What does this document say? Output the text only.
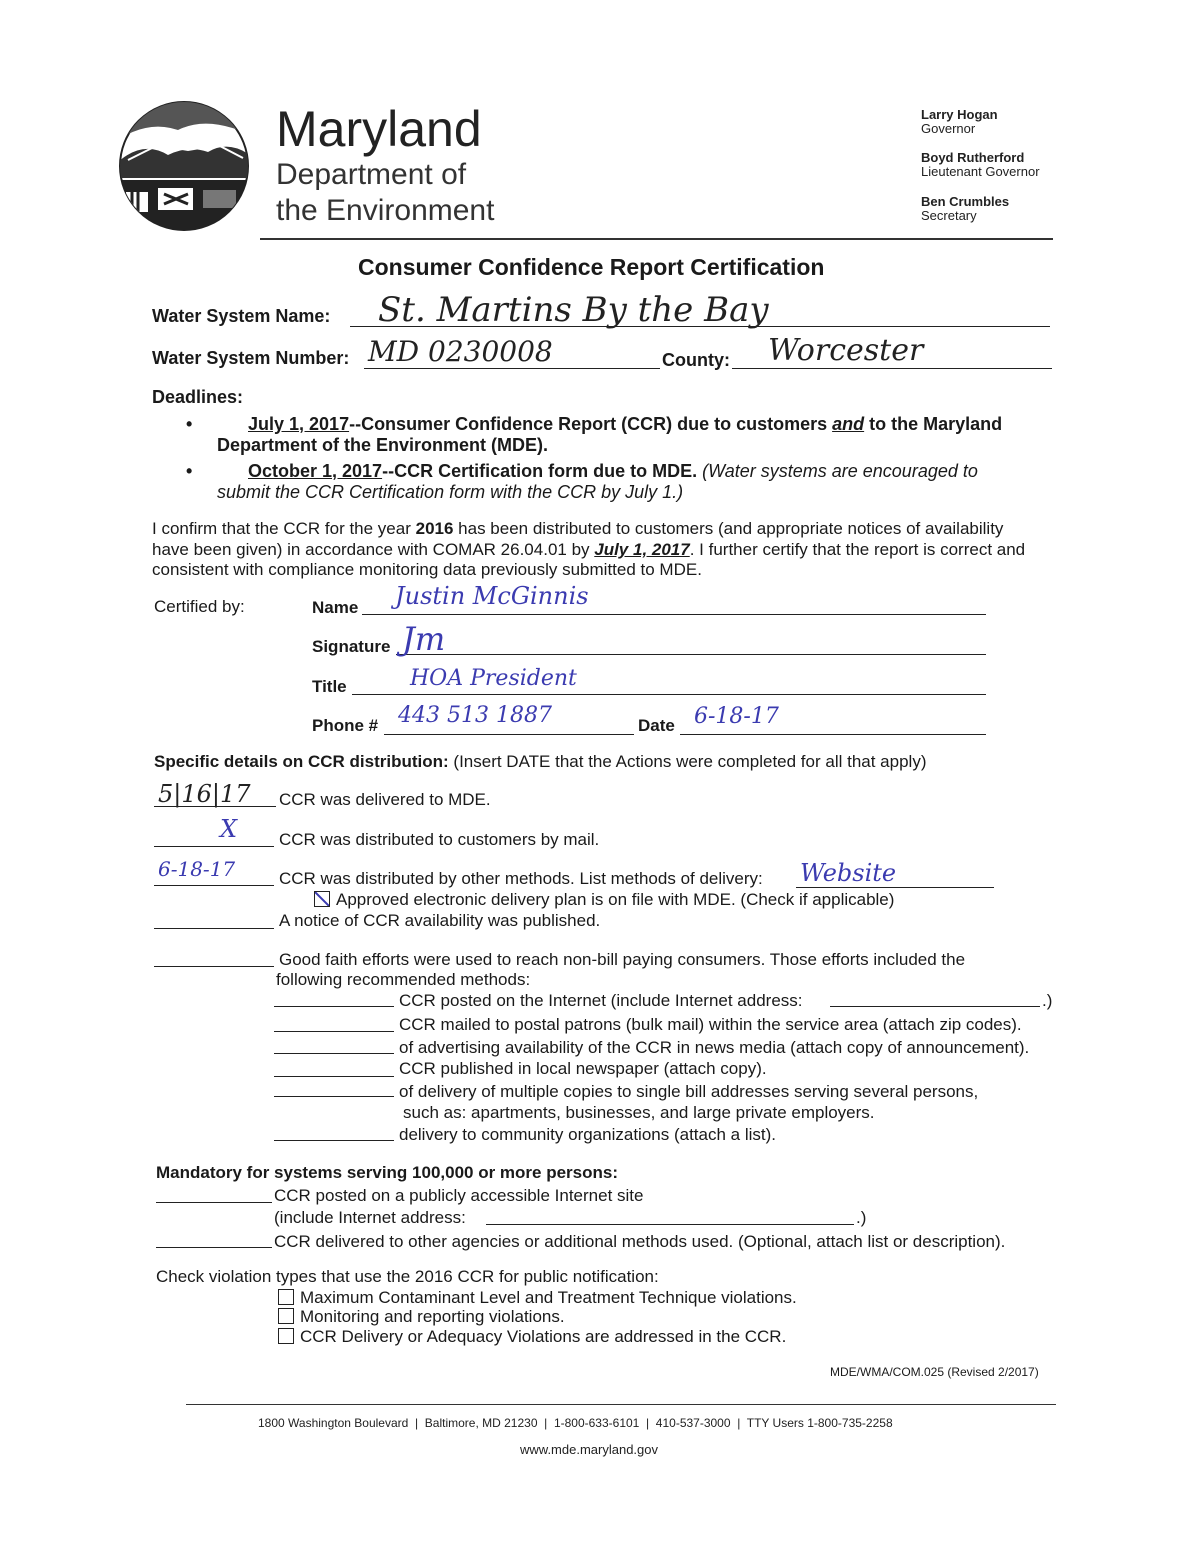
Maryland
Department of
the Environment
Larry Hogan
Governor
Boyd Rutherford
Lieutenant Governor
Ben Crumbles
Secretary
Consumer Confidence Report Certification
Water System Name: St. Martins By the Bay
Water System Number: MD 0230008	County: Worcester
Deadlines:
•	July 1, 2017--Consumer Confidence Report (CCR) due to customers and to the Maryland
Department of the Environment (MDE).
•	October 1, 2017--CCR Certification form due to MDE. (Water systems are encouraged to
submit the CCR Certification form with the CCR by July 1.)
I confirm that the CCR for the year 2016 has been distributed to customers (and appropriate notices of availability
have been given) in accordance with COMAR 26.04.01 by July 1, 2017. I further certify that the report is correct and
consistent with compliance monitoring data previously submitted to MDE.
Certified by:	Name Justin McGinnis
Signature Jm
Title	HOA President
Phone # 443 513 1887	Date 6-18-17
Specific details on CCR distribution: (Insert DATE that the Actions were completed for all that apply)
5|16|17 CCR was delivered to MDE.
X CCR was distributed to customers by mail.
6-18-17	CCR was distributed by other methods. List methods of delivery: Website
Approved electronic delivery plan is on file with MDE. (Check if applicable)
A notice of CCR availability was published.
Good faith efforts were used to reach non-bill paying consumers. Those efforts included the
following recommended methods:
CCR posted on the Internet (include Internet address:	.)
CCR mailed to postal patrons (bulk mail) within the service area (attach zip codes).
of advertising availability of the CCR in news media (attach copy of announcement).
CCR published in local newspaper (attach copy).
of delivery of multiple copies to single bill addresses serving several persons,
such as: apartments, businesses, and large private employers.
delivery to community organizations (attach a list).
Mandatory for systems serving 100,000 or more persons:
CCR posted on a publicly accessible Internet site
(include Internet address:	.)
CCR delivered to other agencies or additional methods used. (Optional, attach list or description).
Check violation types that use the 2016 CCR for public notification:
Maximum Contaminant Level and Treatment Technique violations.
Monitoring and reporting violations.
CCR Delivery or Adequacy Violations are addressed in the CCR.
MDE/WMA/COM.025 (Revised 2/2017)
1800 Washington Boulevard  |  Baltimore, MD 21230  |  1-800-633-6101  |  410-537-3000  |  TTY Users 1-800-735-2258
www.mde.maryland.gov
